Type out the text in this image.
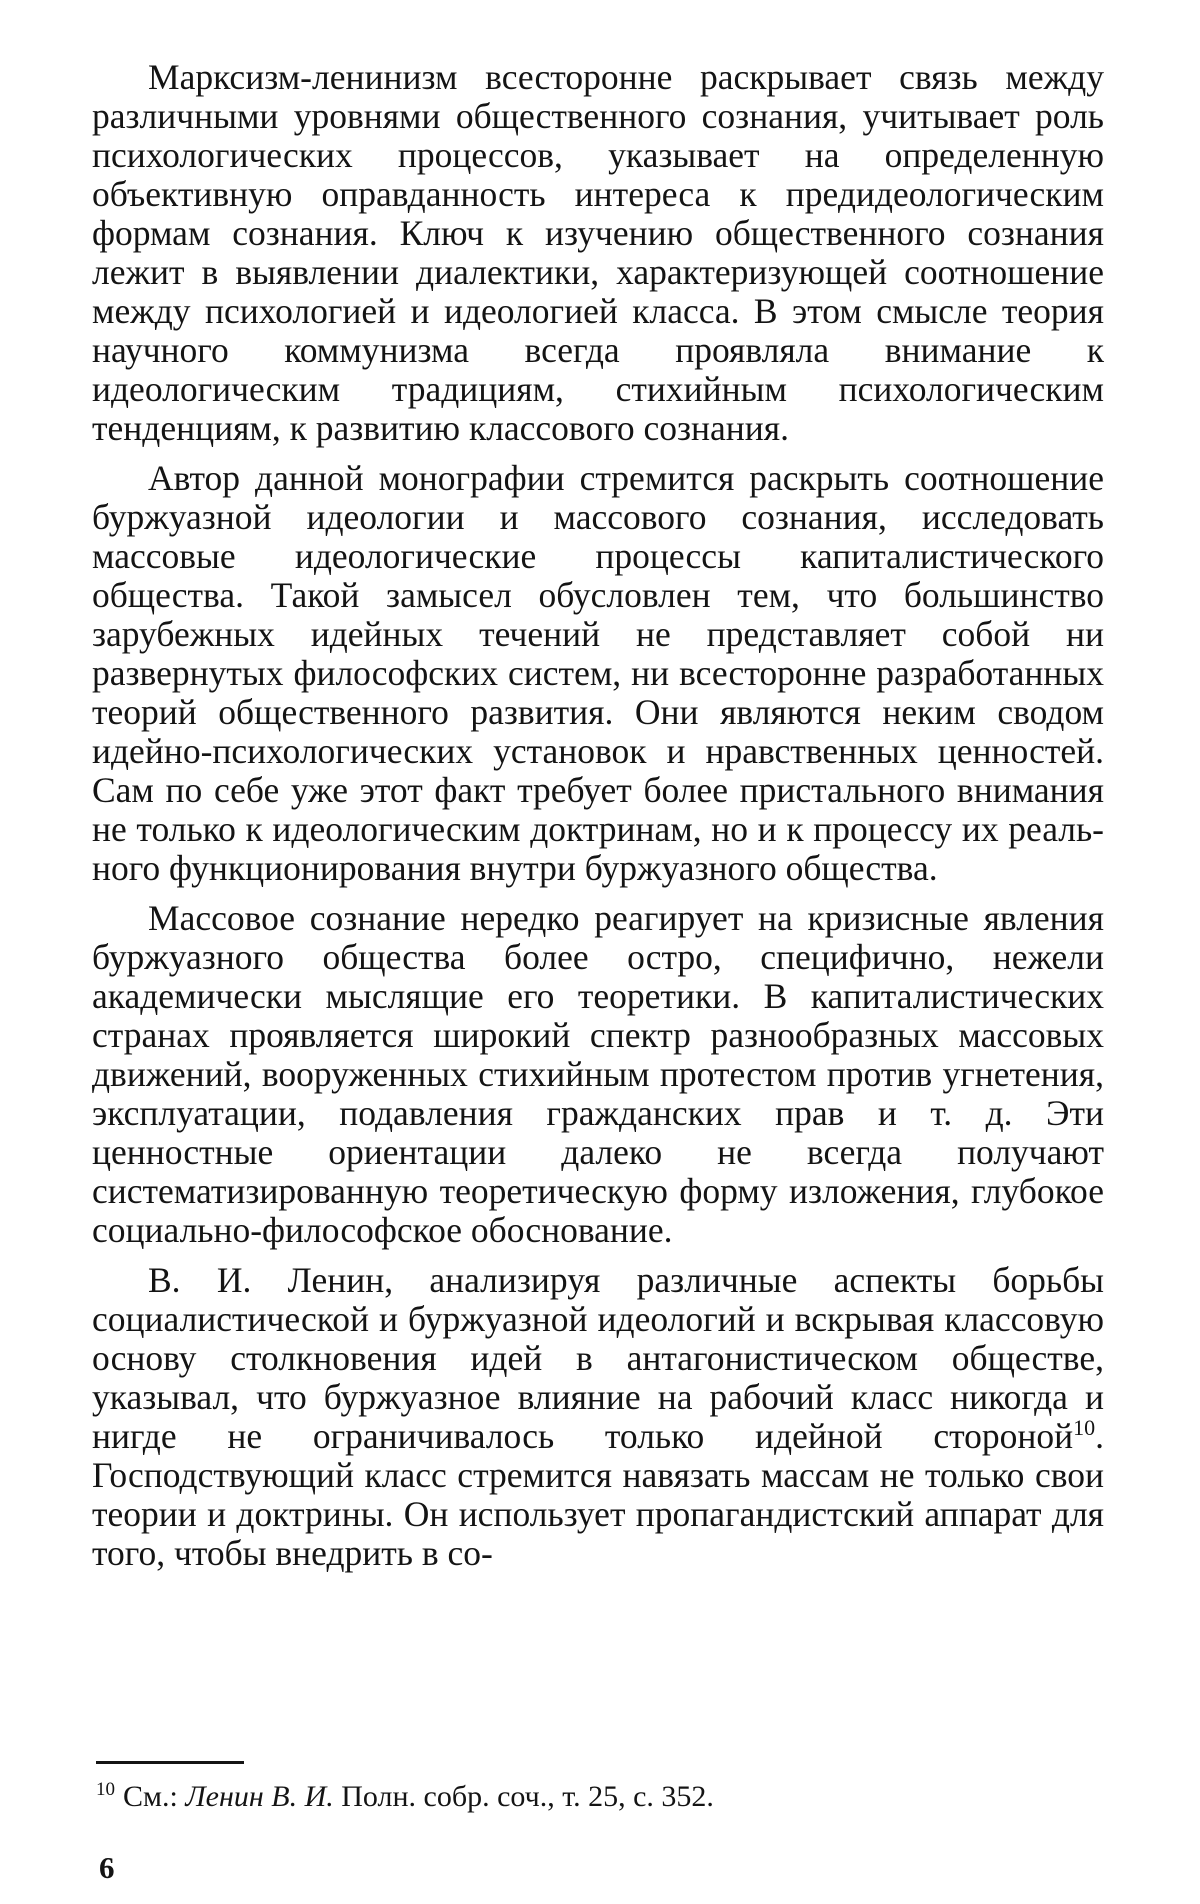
Марксизм-ленинизм всесторонне раскрывает связь между различными уровнями общественного сознания, учитывает роль психологических процессов, указывает на определенную объективную оправданность интереса к предидеологическим формам сознания. Ключ к изучению общественного сознания лежит в выявлении диалектики, характеризующей соотношение между психологией и идеологией класса. В этом смысле теория научного коммунизма всегда проявляла внимание к идеологическим традициям, стихийным психологическим тенденциям, к развитию классового сознания.

Автор данной монографии стремится раскрыть соотношение буржуазной идеологии и массового сознания, исследовать массовые идеологические процессы капиталистического общества. Такой замысел обусловлен тем, что большинство зарубежных идейных течений не представляет собой ни развернутых философских систем, ни всесторонне разработанных теорий общественного развития. Они являются неким сводом идейно-психологических установок и нравственных ценностей. Сам по себе уже этот факт требует более пристального внимания не только к идеологическим доктринам, но и к процессу их реального функционирования внутри буржуазного общества.

Массовое сознание нередко реагирует на кризисные явления буржуазного общества более остро, специфично, нежели академически мыслящие его теоретики. В капиталистических странах проявляется широкий спектр разнообразных массовых движений, вооруженных стихийным протестом против угнетения, эксплуатации, подавления гражданских прав и т. д. Эти ценностные ориентации далеко не всегда получают систематизированную теоретическую форму изложения, глубокое социально-философское обоснование.

В. И. Ленин, анализируя различные аспекты борьбы социалистической и буржуазной идеологий и вскрывая классовую основу столкновения идей в антагонистическом обществе, указывал, что буржуазное влияние на рабочий класс никогда и нигде не ограничивалось только идейной стороной$^{10}$. Господствующий класс стремится навязать массам не только свои теории и доктрины. Он использует пропагандистский аппарат для того, чтобы внедрить в со-

$^{10}$ См.: Ленин В. И. Полн. собр. соч., т. 25, с. 352.
6
